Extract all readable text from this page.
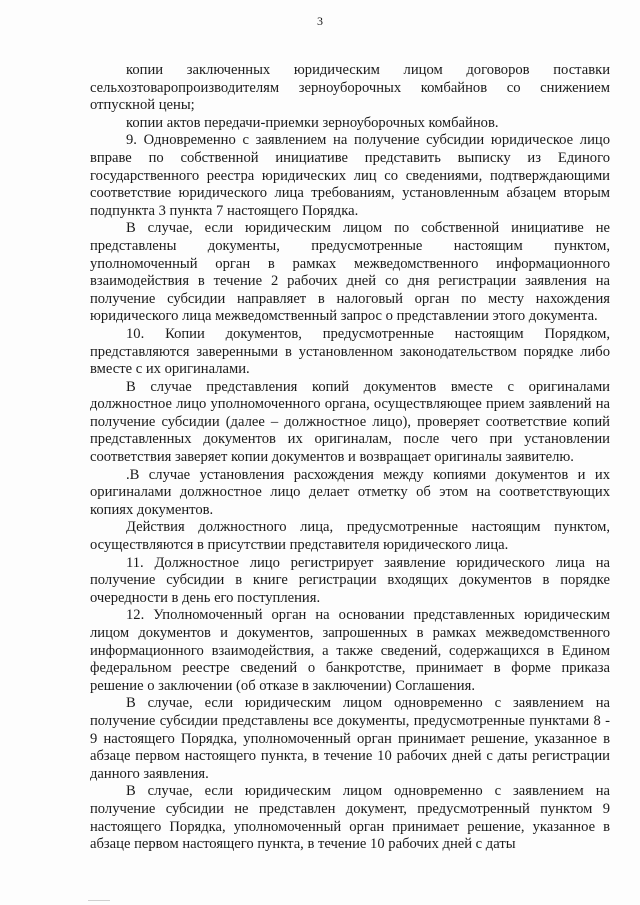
3

копии заключенных юридическим лицом договоров поставки сельхозтоваропроизводителям зерноуборочных комбайнов со снижением отпускной цены;

копии актов передачи-приемки зерноуборочных комбайнов.

9. Одновременно с заявлением на получение субсидии юридическое лицо вправе по собственной инициативе представить выписку из Единого государственного реестра юридических лиц со сведениями, подтверждающими соответствие юридического лица требованиям, установленным абзацем вторым подпункта 3 пункта 7 настоящего Порядка.

В случае, если юридическим лицом по собственной инициативе не представлены документы, предусмотренные настоящим пунктом, уполномоченный орган в рамках межведомственного информационного взаимодействия в течение 2 рабочих дней со дня регистрации заявления на получение субсидии направляет в налоговый орган по месту нахождения юридического лица межведомственный запрос о представлении этого документа.

10. Копии документов, предусмотренные настоящим Порядком, представляются заверенными в установленном законодательством порядке либо вместе с их оригиналами.

В случае представления копий документов вместе с оригиналами должностное лицо уполномоченного органа, осуществляющее прием заявлений на получение субсидии (далее – должностное лицо), проверяет соответствие копий представленных документов их оригиналам, после чего при установлении соответствия заверяет копии документов и возвращает оригиналы заявителю.

.В случае установления расхождения между копиями документов и их оригиналами должностное лицо делает отметку об этом на соответствующих копиях документов.

Действия должностного лица, предусмотренные настоящим пунктом, осуществляются в присутствии представителя юридического лица.

11. Должностное лицо регистрирует заявление юридического лица на получение субсидии в книге регистрации входящих документов в порядке очередности в день его поступления.

12. Уполномоченный орган на основании представленных юридическим лицом документов и документов, запрошенных в рамках межведомственного информационного взаимодействия, а также сведений, содержащихся в Едином федеральном реестре сведений о банкротстве, принимает в форме приказа решение о заключении (об отказе в заключении) Соглашения.

В случае, если юридическим лицом одновременно с заявлением на получение субсидии представлены все документы, предусмотренные пунктами 8 - 9 настоящего Порядка, уполномоченный орган принимает решение, указанное в абзаце первом настоящего пункта, в течение 10 рабочих дней с даты регистрации данного заявления.

В случае, если юридическим лицом одновременно с заявлением на получение субсидии не представлен документ, предусмотренный пунктом 9 настоящего Порядка, уполномоченный орган принимает решение, указанное в абзаце первом настоящего пункта, в течение 10 рабочих дней с даты
